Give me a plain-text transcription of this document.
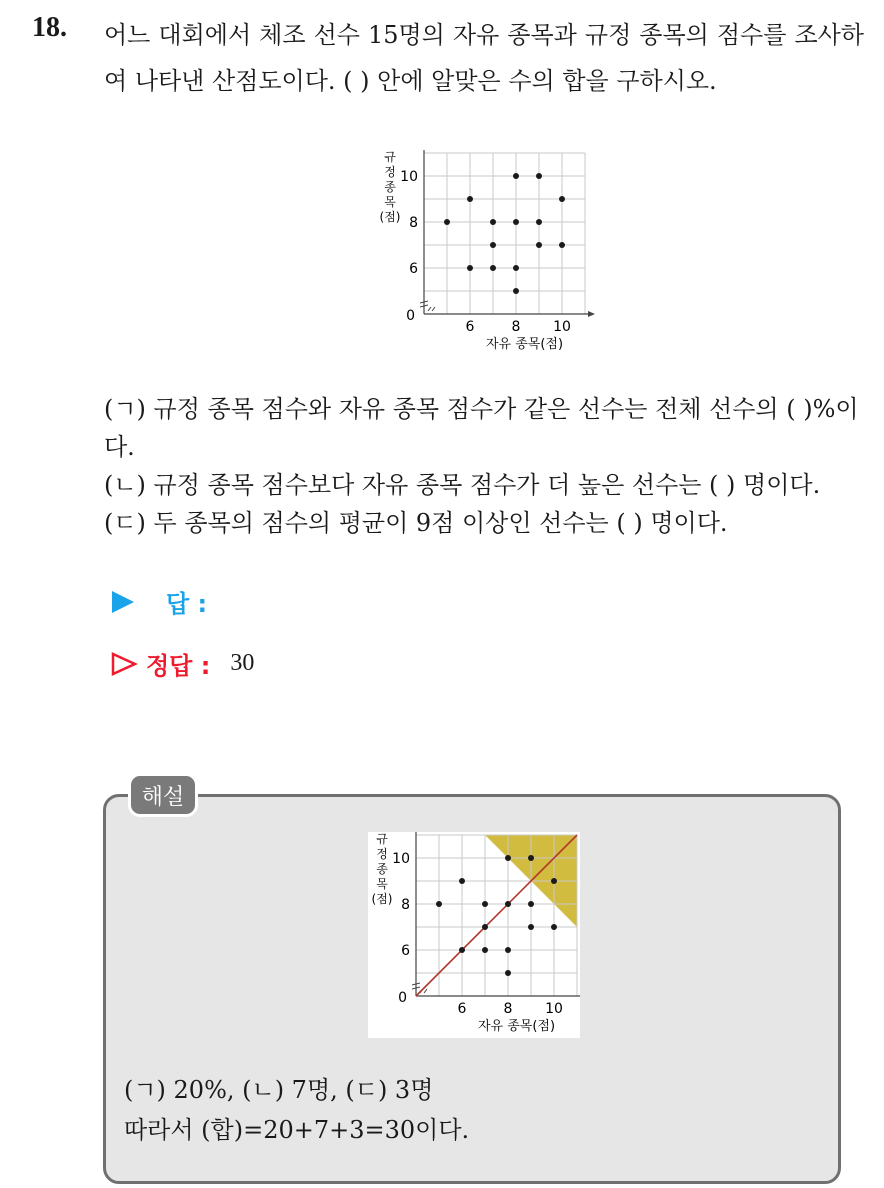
18. 어느 대회에서 체조 선수 15명의 자유 종목과 규정 종목의 점수를 조사하여 나타낸 산점도이다. ( ) 안에 알맞은 수의 합을 구하시오.
0
6	8 10
6
8
10
자유 종목(점)
규
정
종
목
(점)
(ㄱ) 규정 종목 점수와 자유 종목 점수가 같은 선수는 전체 선수의 ( )%이다.
(ㄴ) 규정 종목 점수보다 자유 종목 점수가 더 높은 선수는 ( ) 명이다.
(ㄷ) 두 종목의 점수의 평균이 9점 이상인 선수는 ( ) 명이다.
답 :
정답 : 30
해설
0
6	8 10
6
8
10
자유 종목(점)
규
정
종
목
(점)
(ㄱ) 20%, (ㄴ) 7명, (ㄷ) 3명
따라서 (합)=20+7+3=30이다.
